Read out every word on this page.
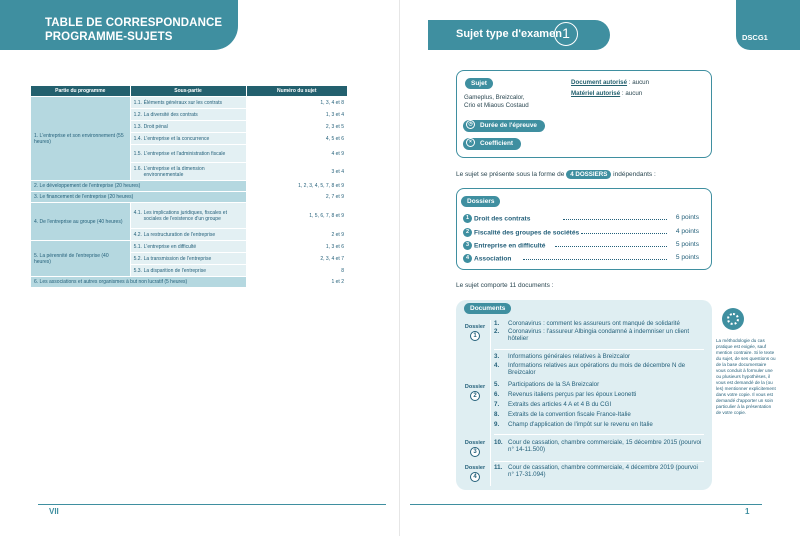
TABLE DE CORRESPONDANCE
PROGRAMME-SUJETS
Partie du programme	Sous-partie	Numéro du sujet
1. L'entreprise et son environnement (55 heures)	1.1. Éléments généraux sur les contrats	1, 3, 4 et 8
	1.2. La diversité des contrats	1, 3 et 4
	1.3. Droit pénal	2, 3 et 5
	1.4. L'entreprise et la concurrence	4, 5 et 6
	1.5. L'entreprise et l'administration fiscale	4 et 9
	1.6. L'entreprise et la dimension environnementale	3 et 4
2. Le développement de l'entreprise (20 heures)		1, 2, 3, 4, 5, 7, 8 et 9
3. Le financement de l'entreprise (20 heures)		2, 7 et 9
4. De l'entreprise au groupe (40 heures)	4.1. Les implications juridiques, fiscales et sociales de l'existence d'un groupe	1, 5, 6, 7, 8 et 9
	4.2. La restructuration de l'entreprise	2 et 9
5. La pérennité de l'entreprise (40 heures)	5.1. L'entreprise en difficulté	1, 3 et 6
	5.2. La transmission de l'entreprise	2, 3, 4 et 7
	5.3. La disparition de l'entreprise	8
6. Les associations et autres organismes à but non lucratif (5 heures)		1 et 2
VII
Sujet type d'examen 1	DSCG1
Sujet
Gameplus, Breizcalor,
Crio et Miaous Costaud
Document autorisé : aucun
Matériel autorisé : aucun
◷ Durée de l'épreuve
× Coefficient
Le sujet se présente sous la forme de 4 DOSSIERS indépendants :
Dossiers
1 Droit des contrats	6 points
2 Fiscalité des groupes de sociétés	4 points
3 Entreprise en difficulté	5 points
4 Association	5 points
Le sujet comporte 11 documents :
Documents
Dossier
1
1.	Coronavirus : comment les assureurs ont manqué de solidarité
2.	Coronavirus : l'assureur Albingia condamné à indemniser un client hôtelier
Dossier
2
3.	Informations générales relatives à Breizcalor
4.	Informations relatives aux opérations du mois de décembre N de Breizcalor
5.	Participations de la SA Breizcalor
6.	Revenus italiens perçus par les époux Leonetti
7.	Extraits des articles 4 A et 4 B du CGI
8.	Extraits de la convention fiscale France-Italie
9.	Champ d'application de l'impôt sur le revenu en Italie
Dossier
3
10. Cour de cassation, chambre commerciale, 15 décembre 2015 (pourvoi n° 14-11.500)
Dossier
4
11. Cour de cassation, chambre commerciale, 4 décembre 2019 (pourvoi n° 17-31.094)
La méthodologie du cas pratique est exigée, sauf mention contraire. Si le texte du sujet, de ses questions ou de la base documentaire vous conduit à formuler une ou plusieurs hypothèses, il vous est demandé de la (ou les) mentionner explicitement dans votre copie. Il vous est demandé d'apporter un soin particulier à la présentation de votre copie.
1
